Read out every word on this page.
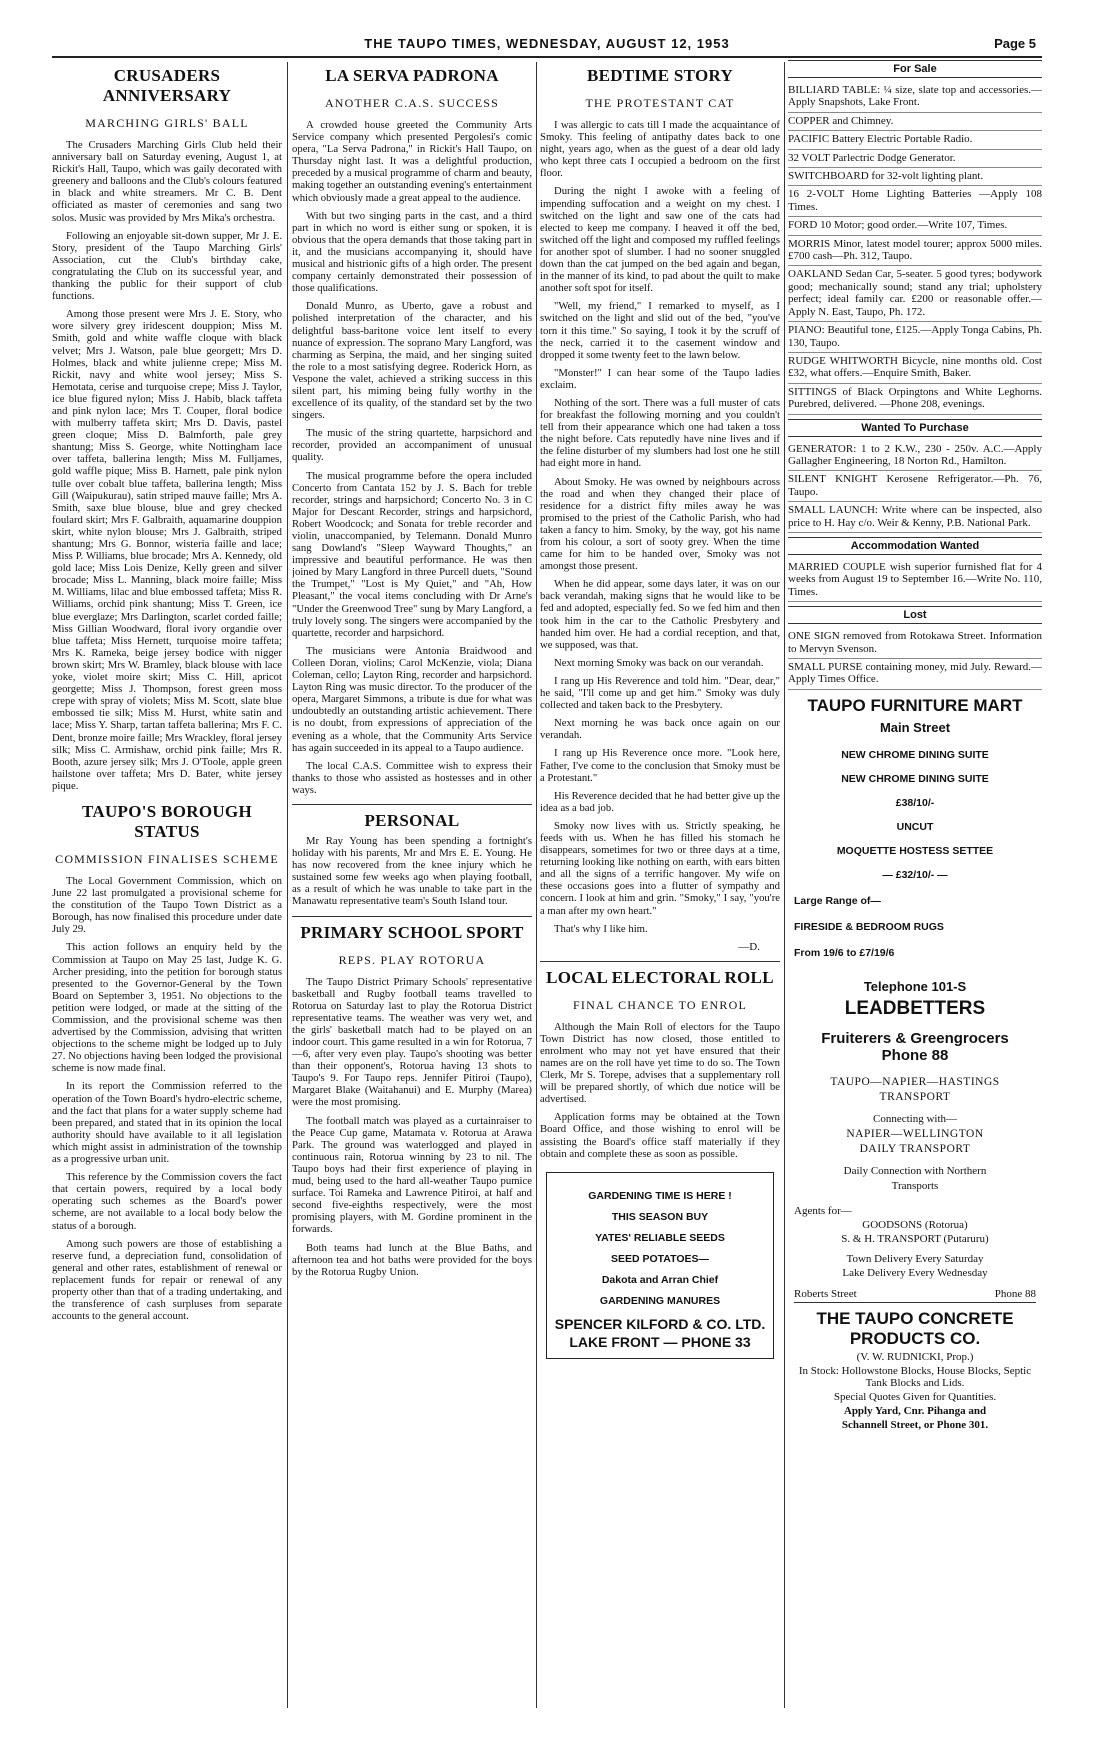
THE TAUPO TIMES, WEDNESDAY, AUGUST 12, 1953	Page 5
CRUSADERS ANNIVERSARY
MARCHING GIRLS' BALL

The Crusaders Marching Girls Club held their anniversary ball on Saturday evening, August 1, at Rickit's Hall, Taupo, which was gaily decorated with greenery and balloons and the Club's colours featured in black and white streamers. Mr C. B. Dent officiated as master of ceremonies and sang two solos. Music was provided by Mrs Mika's orchestra.

Following an enjoyable sit-down supper, Mr J. E. Story, president of the Taupo Marching Girls' Association, cut the Club's birthday cake, congratulating the Club on its successful year, and thanking the public for their support of club functions.

Among those present were Mrs J. E. Story, who wore silvery grey iridescent douppion; Miss M. Smith, gold and white waffle cloque with black velvet; Mrs J. Watson, pale blue georgett; Mrs D. Holmes, black and white julienne crepe; Miss M. Rickit, navy and white wool jersey; Miss S. Hemotata, cerise and turquoise crepe; Miss J. Taylor, ice blue figured nylon; Miss J. Habib, black taffeta and pink nylon lace; Mrs T. Couper, floral bodice with mulberry taffeta skirt; Mrs D. Davis, pastel green cloque; Miss D. Balmforth, pale grey shantung; Miss S. George, white Nottingham lace over taffeta, ballerina length; Miss M. Fulljames, gold waffle pique; Miss B. Harnett, pale pink nylon tulle over cobalt blue taffeta, ballerina length; Miss Gill (Waipukurau), satin striped mauve faille; Mrs A. Smith, saxe blue blouse, blue and grey checked foulard skirt; Mrs F. Galbraith, aquamarine douppion skirt, white nylon blouse; Mrs J. Galbraith, striped shantung; Mrs G. Bonnor, wisteria faille and lace; Miss P. Williams, blue brocade; Mrs A. Kennedy, old gold lace; Miss Lois Denize, Kelly green and silver brocade; Miss L. Manning, black moire faille; Miss M. Williams, lilac and blue embossed taffeta; Miss R. Williams, orchid pink shantung; Miss T. Green, ice blue everglaze; Mrs Darlington, scarlet corded faille; Miss Gillian Woodward, floral ivory organdie over blue taffeta; Miss Hernett, turquoise moire taffeta; Mrs K. Rameka, beige jersey bodice with nigger brown skirt; Mrs W. Bramley, black blouse with lace yoke, violet moire skirt; Miss C. Hill, apricot georgette; Miss J. Thompson, forest green moss crepe with spray of violets; Miss M. Scott, slate blue embossed tie silk; Miss M. Hurst, white satin and lace; Miss Y. Sharp, tartan taffeta ballerina; Mrs F. C. Dent, bronze moire faille; Mrs Wrackley, floral jersey silk; Miss C. Armishaw, orchid pink faille; Mrs R. Booth, azure jersey silk; Mrs J. O'Toole, apple green hailstone over taffeta; Mrs D. Bater, white jersey pique.

TAUPO'S BOROUGH STATUS
COMMISSION FINALISES SCHEME

The Local Government Commission, which on June 22 last promulgated a provisional scheme for the constitution of the Taupo Town District as a Borough, has now finalised this procedure under date July 29.

This action follows an enquiry held by the Commission at Taupo on May 25 last, Judge K. G. Archer presiding, into the petition for borough status presented to the Governor-General by the Town Board on September 3, 1951. No objections to the petition were lodged, or made at the sitting of the Commission, and the provisional scheme was then advertised by the Commission, advising that written objections to the scheme might be lodged up to July 27. No objections having been lodged the provisional scheme is now made final.

In its report the Commission referred to the operation of the Town Board's hydro-electric scheme, and the fact that plans for a water supply scheme had been prepared, and stated that in its opinion the local authority should have available to it all legislation which might assist in administration of the township as a progressive urban unit.

This reference by the Commission covers the fact that certain powers, required by a local body operating such schemes as the Board's power scheme, are not available to a local body below the status of a borough.

Among such powers are those of establishing a reserve fund, a depreciation fund, consolidation of general and other rates, establishment of renewal or replacement funds for repair or renewal of any property other than that of a trading undertaking, and the transference of cash surpluses from separate accounts to the general account.

LA SERVA PADRONA
ANOTHER C.A.S. SUCCESS

A crowded house greeted the Community Arts Service company which presented Pergolesi's comic opera, "La Serva Padrona," in Rickit's Hall Taupo, on Thursday night last. It was a delightful production, preceded by a musical programme of charm and beauty, making together an outstanding evening's entertainment which obviously made a great appeal to the audience.

With but two singing parts in the cast, and a third part in which no word is either sung or spoken, it is obvious that the opera demands that those taking part in it, and the musicians accompanying it, should have musical and histrionic gifts of a high order. The present company certainly demonstrated their possession of those qualifications.

Donald Munro, as Uberto, gave a robust and polished interpretation of the character, and his delightful bass-baritone voice lent itself to every nuance of expression. The soprano Mary Langford, was charming as Serpina, the maid, and her singing suited the role to a most satisfying degree. Roderick Horn, as Vespone the valet, achieved a striking success in this silent part, his miming being fully worthy in the excellence of its quality, of the standard set by the two singers.

The music of the string quartette, harpsichord and recorder, provided an accompaniment of unusual quality.

The musical programme before the opera included Concerto from Cantata 152 by J. S. Bach for treble recorder, strings and harpsichord; Concerto No. 3 in C Major for Descant Recorder, strings and harpsichord, Robert Woodcock; and Sonata for treble recorder and violin, unaccompanied, by Telemann. Donald Munro sang Dowland's "Sleep Wayward Thoughts," an impressive and beautiful performance. He was then joined by Mary Langford in three Purcell duets, "Sound the Trumpet," "Lost is My Quiet," and "Ah, How Pleasant," the vocal items concluding with Dr Arne's "Under the Greenwood Tree" sung by Mary Langford, a truly lovely song. The singers were accompanied by the quartette, recorder and harpsichord.

The musicians were Antonia Braidwood and Colleen Doran, violins; Carol McKenzie, viola; Diana Coleman, cello; Layton Ring, recorder and harpsichord. Layton Ring was music director. To the producer of the opera, Margaret Simmons, a tribute is due for what was undoubtedly an outstanding artistic achievement. There is no doubt, from expressions of appreciation of the evening as a whole, that the Community Arts Service has again succeeded in its appeal to a Taupo audience.

The local C.A.S. Committee wish to express their thanks to those who assisted as hostesses and in other ways.

PERSONAL

Mr Ray Young has been spending a fortnight's holiday with his parents, Mr and Mrs E. E. Young. He has now recovered from the knee injury which he sustained some few weeks ago when playing football, as a result of which he was unable to take part in the Manawatu representative team's South Island tour.

PRIMARY SCHOOL SPORT
REPS. PLAY ROTORUA

The Taupo District Primary Schools' representative basketball and Rugby football teams travelled to Rotorua on Saturday last to play the Rotorua District representative teams. The weather was very wet, and the girls' basketball match had to be played on an indoor court. This game resulted in a win for Rotorua, 7—6, after very even play. Taupo's shooting was better than their opponent's, Rotorua having 13 shots to Taupo's 9. For Taupo reps. Jennifer Pitiroi (Taupo), Margaret Blake (Waitahanui) and E. Murphy (Marea) were the most promising.

The football match was played as a curtainraiser to the Peace Cup game, Matamata v. Rotorua at Arawa Park. The ground was waterlogged and played in continuous rain, Rotorua winning by 23 to nil. The Taupo boys had their first experience of playing in mud, being used to the hard all-weather Taupo pumice surface. Toi Rameka and Lawrence Pitiroi, at half and second five-eighths respectively, were the most promising players, with M. Gordine prominent in the forwards.

Both teams had lunch at the Blue Baths, and afternoon tea and hot baths were provided for the boys by the Rotorua Rugby Union.

BEDTIME STORY
THE PROTESTANT CAT

I was allergic to cats till I made the acquaintance of Smoky. This feeling of antipathy dates back to one night, years ago, when as the guest of a dear old lady who kept three cats I occupied a bedroom on the first floor.

During the night I awoke with a feeling of impending suffocation and a weight on my chest. I switched on the light and saw one of the cats had elected to keep me company. I heaved it off the bed, switched off the light and composed my ruffled feelings for another spot of slumber. I had no sooner snuggled down than the cat jumped on the bed again and began, in the manner of its kind, to pad about the quilt to make another soft spot for itself.

"Well, my friend," I remarked to myself, as I switched on the light and slid out of the bed, "you've torn it this time." So saying, I took it by the scruff of the neck, carried it to the casement window and dropped it some twenty feet to the lawn below.

"Monster!" I can hear some of the Taupo ladies exclaim.

Nothing of the sort. There was a full muster of cats for breakfast the following morning and you couldn't tell from their appearance which one had taken a toss the night before. Cats reputedly have nine lives and if the feline disturber of my slumbers had lost one he still had eight more in hand.

About Smoky. He was owned by neighbours across the road and when they changed their place of residence for a district fifty miles away he was promised to the priest of the Catholic Parish, who had taken a fancy to him. Smoky, by the way, got his name from his colour, a sort of sooty grey. When the time came for him to be handed over, Smoky was not amongst those present.

When he did appear, some days later, it was on our back verandah, making signs that he would like to be fed and adopted, especially fed. So we fed him and then took him in the car to the Catholic Presbytery and handed him over. He had a cordial reception, and that, we supposed, was that.

Next morning Smoky was back on our verandah.

I rang up His Reverence and told him. "Dear, dear," he said, "I'll come up and get him." Smoky was duly collected and taken back to the Presbytery.

Next morning he was back once again on our verandah.

I rang up His Reverence once more. "Look here, Father, I've come to the conclusion that Smoky must be a Protestant."

His Reverence decided that he had better give up the idea as a bad job.

Smoky now lives with us. Strictly speaking, he feeds with us. When he has filled his stomach he disappears, sometimes for two or three days at a time, returning looking like nothing on earth, with ears bitten and all the signs of a terrific hangover. My wife on these occasions goes into a flutter of sympathy and concern. I look at him and grin. "Smoky," I say, "you're a man after my own heart."

That's why I like him.

—D.
LOCAL ELECTORAL ROLL
FINAL CHANCE TO ENROL

Although the Main Roll of electors for the Taupo Town District has now closed, those entitled to enrolment who may not yet have ensured that their names are on the roll have yet time to do so. The Town Clerk, Mr S. Torepe, advises that a supplementary roll will be prepared shortly, of which due notice will be advertised.

Application forms may be obtained at the Town Board Office, and those wishing to enrol will be assisting the Board's office staff materially if they obtain and complete these as soon as possible.

GARDENING TIME IS HERE !
THIS SEASON BUY
YATES' RELIABLE SEEDS
SEED POTATOES—
Dakota and Arran Chief
GARDENING MANURES
SPENCER KILFORD & CO. LTD.
LAKE FRONT — PHONE 33
For Sale
BILLIARD TABLE: ¼ size, slate top and accessories.—Apply Snapshots, Lake Front.
COPPER and Chimney.
PACIFIC Battery Electric Portable Radio.
32 VOLT Parlectric Dodge Generator.
SWITCHBOARD for 32-volt lighting plant.
16 2-VOLT Home Lighting Batteries —Apply 108 Times.
FORD 10 Motor; good order.—Write 107, Times.
MORRIS Minor, latest model tourer; approx 5000 miles. £700 cash—Ph. 312, Taupo.
OAKLAND Sedan Car, 5-seater. 5 good tyres; bodywork good; mechanically sound; stand any trial; upholstery perfect; ideal family car. £200 or reasonable offer.—Apply N. East, Taupo, Ph. 172.
PIANO: Beautiful tone, £125.—Apply Tonga Cabins, Ph. 130, Taupo.
RUDGE WHITWORTH Bicycle, nine months old. Cost £32, what offers.—Enquire Smith, Baker.
SITTINGS of Black Orpingtons and White Leghorns. Purebred, delivered. —Phone 208, evenings.
Wanted To Purchase
GENERATOR: 1 to 2 K.W., 230 - 250v. A.C.—Apply Gallagher Engineering, 18 Norton Rd., Hamilton.
SILENT KNIGHT Kerosene Refrigerator.—Ph. 76, Taupo.
SMALL LAUNCH: Write where can be inspected, also price to H. Hay c/o. Weir & Kenny, P.B. National Park.
Accommodation Wanted
MARRIED COUPLE wish superior furnished flat for 4 weeks from August 19 to September 16.—Write No. 110, Times.
Lost
ONE SIGN removed from Rotokawa Street. Information to Mervyn Svenson.
SMALL PURSE containing money, mid July. Reward.—Apply Times Office.
TAUPO FURNITURE MART
Main Street
NEW CHROME DINING SUITE
NEW CHROME DINING SUITE
£38/10/-
UNCUT
MOQUETTE HOSTESS SETTEE
— £32/10/- —
Large Range of—
FIRESIDE & BEDROOM RUGS
From 19/6 to £7/19/6
Telephone 101-S
LEADBETTERS
Fruiterers & Greengrocers
Phone 88
TAUPO—NAPIER—HASTINGS
TRANSPORT
Connecting with—
NAPIER—WELLINGTON
DAILY TRANSPORT
Daily Connection with Northern
Transports
Agents for—
GOODSONS (Rotorua)
S. & H. TRANSPORT (Putaruru)
Town Delivery Every Saturday
Lake Delivery Every Wednesday
Roberts Street	Phone 88
THE TAUPO CONCRETE
PRODUCTS CO.
(V. W. RUDNICKI, Prop.)
In Stock: Hollowstone Blocks, House Blocks, Septic Tank Blocks and Lids.
Special Quotes Given for Quantities.
Apply Yard, Cnr. Pihanga and
Schannell Street, or Phone 301.
